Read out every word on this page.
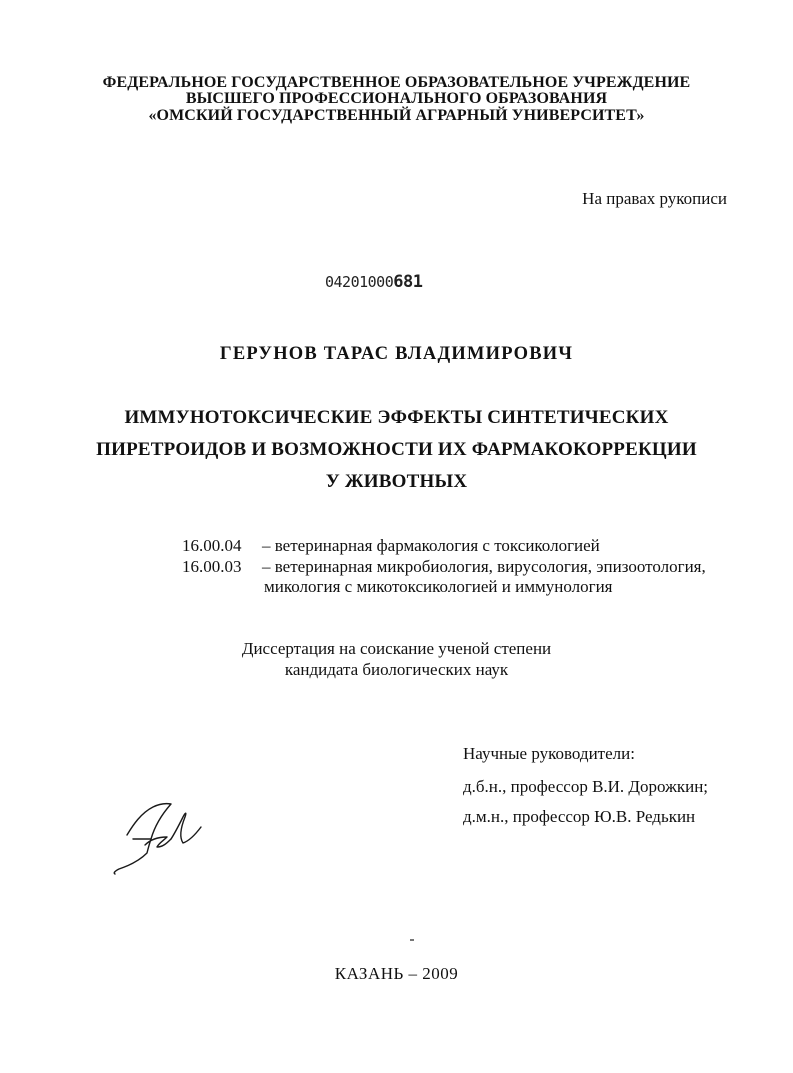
ФЕДЕРАЛЬНОЕ ГОСУДАРСТВЕННОЕ ОБРАЗОВАТЕЛЬНОЕ УЧРЕЖДЕНИЕ
ВЫСШЕГО ПРОФЕССИОНАЛЬНОГО ОБРАЗОВАНИЯ
«ОМСКИЙ ГОСУДАРСТВЕННЫЙ АГРАРНЫЙ УНИВЕРСИТЕТ»
На правах рукописи
04201000681
ГЕРУНОВ ТАРАС ВЛАДИМИРОВИЧ
ИММУНОТОКСИЧЕСКИЕ ЭФФЕКТЫ СИНТЕТИЧЕСКИХ
ПИРЕТРОИДОВ И ВОЗМОЖНОСТИ ИХ ФАРМАКОКОРРЕКЦИИ
У ЖИВОТНЫХ
16.00.04 – ветеринарная фармакология с токсикологией
16.00.03 – ветеринарная микробиология, вирусология, эпизоотология,
микология с микотоксикологией и иммунология
Диссертация на соискание ученой степени
кандидата биологических наук
Научные руководители:
д.б.н., профессор В.И. Дорожкин;
д.м.н., профессор Ю.В. Редькин
КАЗАНЬ – 2009
